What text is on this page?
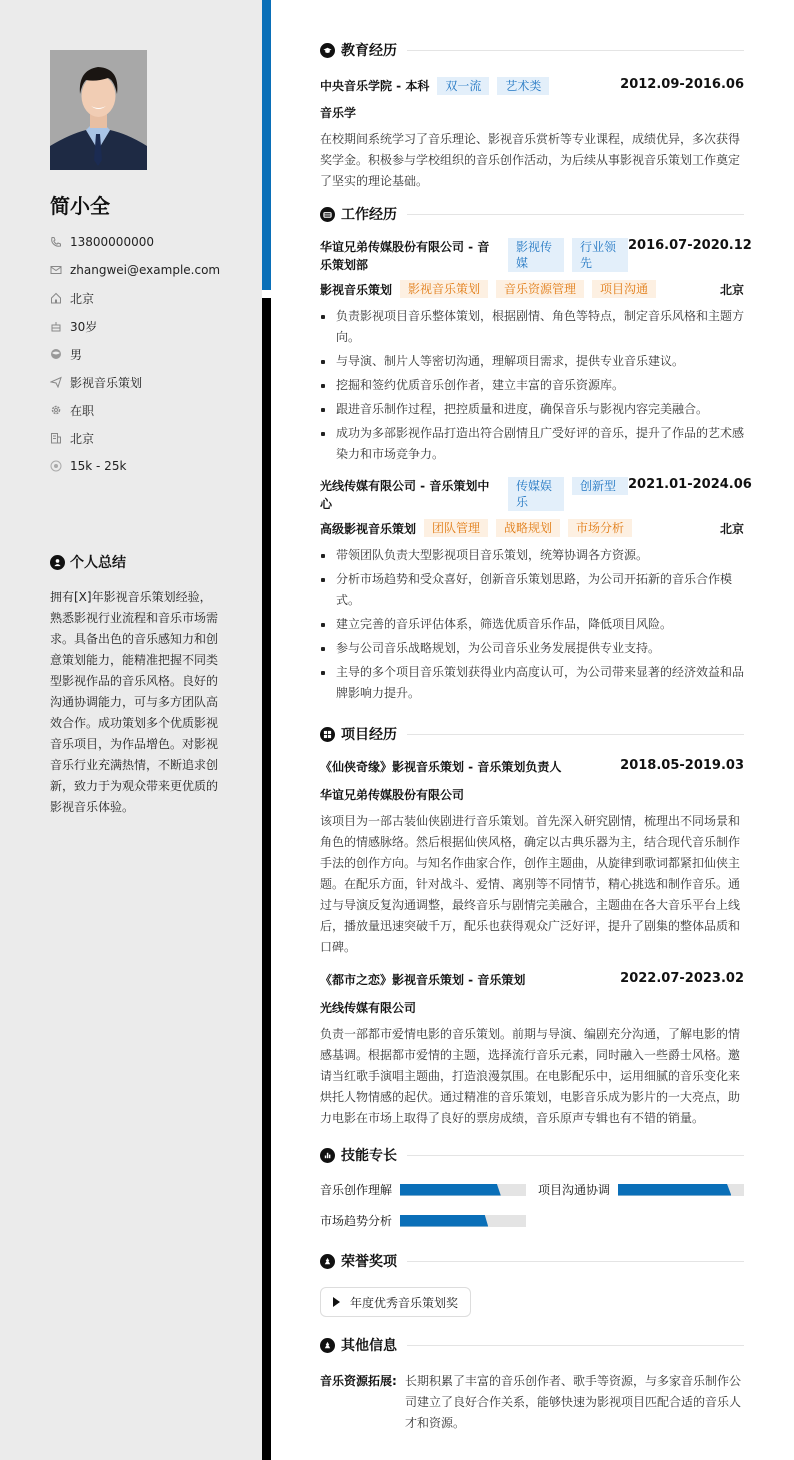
简小全
13800000000
zhangwei@example.com
北京
30岁
男
影视音乐策划
在职
北京
15k - 25k
个人总结
拥有[X]年影视音乐策划经验，熟悉影视行业流程和音乐市场需求。具备出色的音乐感知力和创意策划能力，能精准把握不同类型影视作品的音乐风格。良好的沟通协调能力，可与多方团队高效合作。成功策划多个优质影视音乐项目，为作品增色。对影视音乐行业充满热情，不断追求创新，致力于为观众带来更优质的影视音乐体验。
教育经历
中央音乐学院 - 本科	双一流	艺术类	2012.09-2016.06
音乐学
在校期间系统学习了音乐理论、影视音乐赏析等专业课程，成绩优异，多次获得奖学金。积极参与学校组织的音乐创作活动，为后续从事影视音乐策划工作奠定了坚实的理论基础。
工作经历
华谊兄弟传媒股份有限公司 - 音乐策划部
影视传媒
行业领先
2016.07-2020.12
影视音乐策划	影视音乐策划	音乐资源管理	项目沟通	北京
负责影视项目音乐整体策划，根据剧情、角色等特点，制定音乐风格和主题方向。
与导演、制片人等密切沟通，理解项目需求，提供专业音乐建议。
挖掘和签约优质音乐创作者，建立丰富的音乐资源库。
跟进音乐制作过程，把控质量和进度，确保音乐与影视内容完美融合。
成功为多部影视作品打造出符合剧情且广受好评的音乐，提升了作品的艺术感染力和市场竞争力。
光线传媒有限公司 - 音乐策划中心
传媒娱乐
创新型 2021.01-2024.06
高级影视音乐策划	团队管理	战略规划	市场分析	北京
带领团队负责大型影视项目音乐策划，统筹协调各方资源。
分析市场趋势和受众喜好，创新音乐策划思路，为公司开拓新的音乐合作模式。
建立完善的音乐评估体系，筛选优质音乐作品，降低项目风险。
参与公司音乐战略规划，为公司音乐业务发展提供专业支持。
主导的多个项目音乐策划获得业内高度认可，为公司带来显著的经济效益和品牌影响力提升。
项目经历
《仙侠奇缘》影视音乐策划 - 音乐策划负责人	2018.05-2019.03
华谊兄弟传媒股份有限公司
该项目为一部古装仙侠剧进行音乐策划。首先深入研究剧情，梳理出不同场景和角色的情感脉络。然后根据仙侠风格，确定以古典乐器为主，结合现代音乐制作手法的创作方向。与知名作曲家合作，创作主题曲，从旋律到歌词都紧扣仙侠主题。在配乐方面，针对战斗、爱情、离别等不同情节，精心挑选和制作音乐。通过与导演反复沟通调整，最终音乐与剧情完美融合，主题曲在各大音乐平台上线后，播放量迅速突破千万，配乐也获得观众广泛好评，提升了剧集的整体品质和口碑。
《都市之恋》影视音乐策划 - 音乐策划	2022.07-2023.02
光线传媒有限公司
负责一部都市爱情电影的音乐策划。前期与导演、编剧充分沟通，了解电影的情感基调。根据都市爱情的主题，选择流行音乐元素，同时融入一些爵士风格。邀请当红歌手演唱主题曲，打造浪漫氛围。在电影配乐中，运用细腻的音乐变化来烘托人物情感的起伏。通过精准的音乐策划，电影音乐成为影片的一大亮点，助力电影在市场上取得了良好的票房成绩，音乐原声专辑也有不错的销量。
技能专长
音乐创作理解	项目沟通协调
市场趋势分析
荣誉奖项
年度优秀音乐策划奖
其他信息
音乐资源拓展: 长期积累了丰富的音乐创作者、歌手等资源，与多家音乐制作公司建立了良好合作关系，能够快速为影视项目匹配合适的音乐人才和资源。
